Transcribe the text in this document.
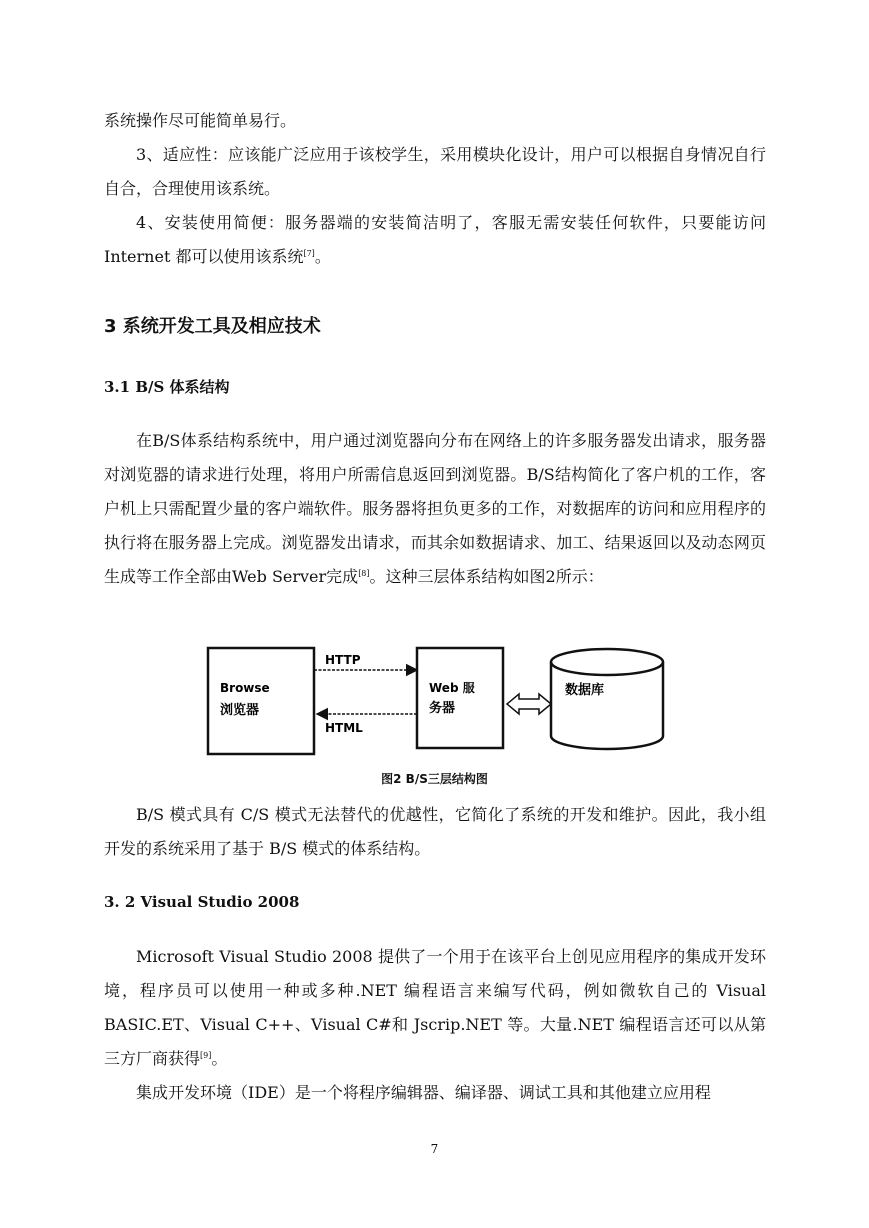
系统操作尽可能简单易行。

3、适应性：应该能广泛应用于该校学生，采用模块化设计，用户可以根据自身情况自行自合，合理使用该系统。

4、安装使用简便：服务器端的安装简洁明了，客服无需安装任何软件，只要能访问 Internet 都可以使用该系统[7]。

3 系统开发工具及相应技术
3.1 B/S 体系结构

在B/S体系结构系统中，用户通过浏览器向分布在网络上的许多服务器发出请求，服务器对浏览器的请求进行处理，将用户所需信息返回到浏览器。B/S结构简化了客户机的工作，客户机上只需配置少量的客户端软件。服务器将担负更多的工作，对数据库的访问和应用程序的执行将在服务器上完成。浏览器发出请求，而其余如数据请求、加工、结果返回以及动态网页生成等工作全部由Web Server完成[8]。这种三层体系结构如图2所示：

Browse
浏览器
HTTP
HTML
Web 服
务器
数据库

图2 B/S三层结构图

B/S 模式具有 C/S 模式无法替代的优越性，它简化了系统的开发和维护。因此，我小组开发的系统采用了基于 B/S 模式的体系结构。

3. 2 Visual Studio 2008

Microsoft Visual Studio 2008 提供了一个用于在该平台上创见应用程序的集成开发环境，程序员可以使用一种或多种.NET 编程语言来编写代码，例如微软自己的 Visual BASIC.ET、Visual C++、Visual C#和 Jscrip.NET 等。大量.NET 编程语言还可以从第三方厂商获得[9]。

集成开发环境（IDE）是一个将程序编辑器、编译器、调试工具和其他建立应用程

7
